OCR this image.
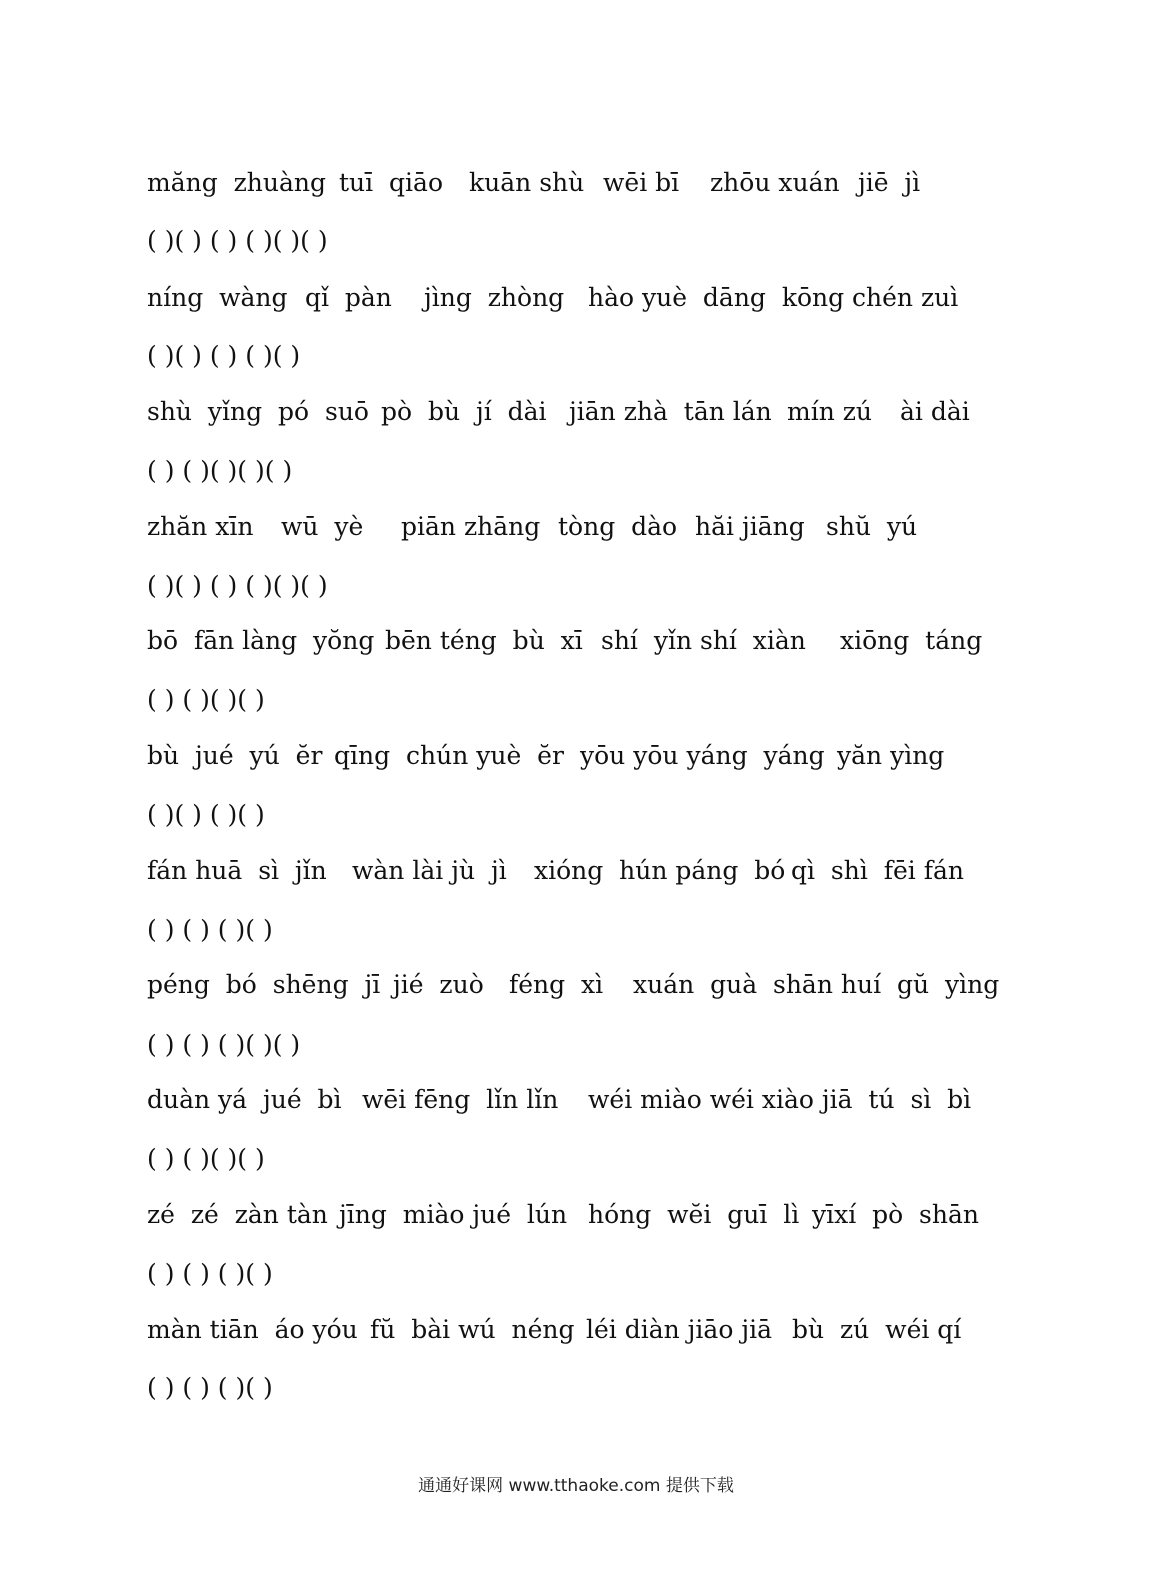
măng  zhuàng

tuī  qiāo

kuān shù

wēi bī

zhōu xuán

jiē  jì

( )( ) ( ) ( )( )( )

níng  wàng

qǐ  pàn

jìng  zhòng

hào yuè  dāng  kōng

chén zuì

( )( ) ( ) ( )( )

shù  yǐng  pó  suō

pò  bù  jí  dài

jiān zhà  tān lán

mín zú

ài dài

( ) ( )( )( )( )

zhăn xīn

wū  yè

piān zhāng

tòng  dào

hăi jiāng

shŭ  yú

( )( ) ( ) ( )( )( )

bō  fān làng  yŏng

bēn téng  bù  xī

shí  yǐn shí  xiàn

xiōng  táng

( ) ( )( )( )

bù  jué  yú  ĕr

qīng  chún yuè  ĕr

yōu yōu yáng  yáng

yăn yìng

( )( ) ( )( )

fán huā  sì  jǐn

wàn lài jù  jì

xióng  hún páng  bó

qì  shì  fēi fán

( ) ( ) ( )( )

péng  bó  shēng  jī

jié  zuò

féng  xì

xuán  guà  shān huí  gŭ  yìng

( ) ( ) ( )( )( )

duàn yá  jué  bì

wēi fēng  lǐn lǐn

wéi miào wéi xiào jiā  tú  sì  bì

( ) ( )( )( )

zé  zé  zàn tàn

jīng  miào jué  lún

hóng  wĕi  guī  lì

yīxí  pò  shān

( ) ( ) ( )( )

màn tiān  áo yóu

fŭ  bài wú  néng

léi diàn jiāo jiā

bù  zú  wéi qí

( ) ( ) ( )( )
通通好课网 www.tthaoke.com 提供下载
